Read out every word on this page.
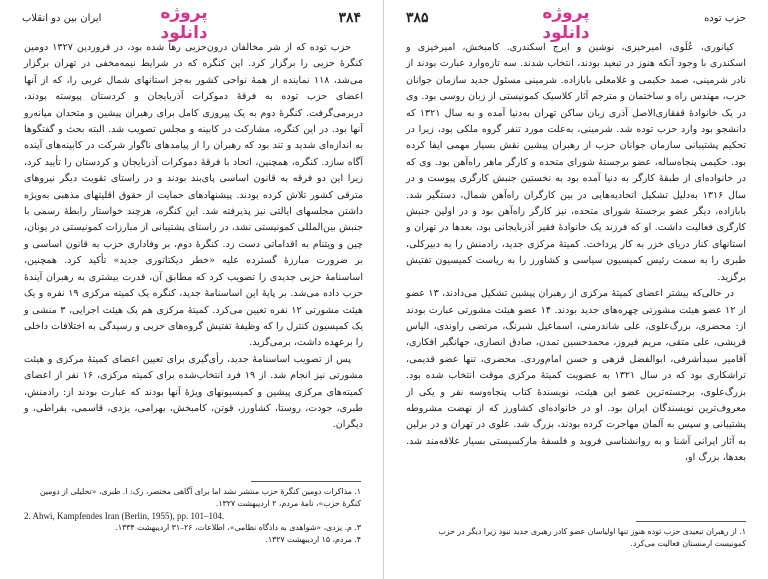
پروژه
دانلود
ایران بین دو انقلاب	۳۸۴

حزب توده که از شر مخالفان درون‌حزبی رها شده بود، در فروردین ۱۳۲۷ دومین کنگرهٔ حزبی را برگزار کرد. این کنگره که در شرایط نیمه‌مخفی در تهران برگزار می‌شد، ۱۱۸ نماینده از همهٔ نواحی کشور به‌جز استانهای شمال غربی را، که از آنها اعضای حزب توده به فرقهٔ دموکرات آذربایجان و کردستان پیوسته بودند، دربرمی‌گرفت. کنگرهٔ دوم به یک پیروزی کامل برای رهبران پیشین و متحدان میانه‌رو آنها بود. در این کنگره، مشارکت در کابینه و مجلس تصویب شد. البته بحث و گفتگوها به اندازه‌ای شدید و تند بود که رهبران را از پیامدهای ناگوار شرکت در کابینه‌های آینده آگاه سازد. کنگره، همچنین، اتحاد با فرقهٔ دموکرات آذربایجان و کردستان را تأیید کرد، زیرا این دو فرقه به قانون اساسی پای‌بند بودند و در راستای تقویت دیگر نیروهای مترقی کشور تلاش کرده بودند. پیشنهادهای حمایت از حقوق اقلیتهای مذهبی به‌ویژه داشتن مجلسهای ایالتی نیز پذیرفته شد. این کنگره، هرچند خواستار رابطهٔ رسمی با جنبش بین‌المللی کمونیستی نشد، در راستای پشتیبانی از مبارزات کمونیستی در یونان، چین و ویتنام به اقداماتی دست زد. کنگرهٔ دوم، بر وفاداری حزب به قانون اساسی و بر ضرورت مبارزهٔ گسترده علیه «خطر دیکتاتوری جدید» تأکید کرد. همچنین، اساسنامهٔ حزبی جدیدی را تصویب کرد که مطابق آن، قدرت بیشتری به رهبران آیندهٔ حزب داده می‌شد. بر پایهٔ این اساسنامهٔ جدید، کنگره یک کمیته مرکزی ۱۹ نفره و یک هیئت مشورتی ۱۲ نفره تعیین می‌کرد. کمیتهٔ مرکزی هم یک هیئت اجرایی، ۳ منشی و یک کمیسیون کنترل را که وظیفهٔ تفتیش گروه‌های حزبی و رسیدگی به اختلافات داخلی را برعهده داشت، برمی‌گزید.

پس از تصویب اساسنامهٔ جدید، رأی‌گیری برای تعیین اعضای کمیتهٔ مرکزی و هیئت مشورتی نیز انجام شد. از ۱۹ فرد انتخاب‌شده برای کمیته مرکزی، ۱۶ نفر از اعضای کمیته‌های مرکزی پیشین و کمیسیونهای ویژهٔ آنها بودند که عبارت بودند از: رادمنش، طبری، جودت، روستا، کشاورز، قوتن، کامبخش، بهرامی، یزدی، قاسمی، بقراطی، و دیگران.

۱. مذاکرات دومین کنگرهٔ حزب منتشر نشد اما برای آگاهی مختصر، رک: ا. طبری، «تحلیلی از دومین کنگرهٔ حزب»، نامهٔ مردم، ۲ اردیبهشت ۱۳۲۷.
2. Ahwi, Kampfendes Iran (Berlin, 1955), pp. 101–104.
۳. م. یزدی، «شواهدی به دادگاه نظامی»، اطلاعات، ۲۶–۳۱ اردیبهشت ۱۳۳۴.
۴. مردم، ۱۵ اردیبهشت ۱۳۲۷.
پروژه
دانلود
۳۸۵	حزب توده

کیانوری، عُلَوی، امیرخیزی، نوشین و ایرج اسکندری. کامبخش، امیرخیزی و اسکندری با وجود آنکه هنوز در تبعید بودند، انتخاب شدند. سه تازه‌وارد عبارت بودند از نادر شرمینی، صمد حکیمی و غلامعلی بابازاده. شرمینی مسئول جدید سازمان جوانان حزب، مهندس راه و ساختمان و مترجم آثار کلاسیک کمونیستی از زبان روسی بود. وی در یک خانوادهٔ قفقازی‌الاصل آذری زبان ساکن تهران به‌دنیا آمده و به سال ۱۳۲۱ که دانشجو بود وارد حزب توده شد. شرمینی، به‌علت مورد تنفر گروه ملکی بود، زیرا در تحکیم پشتیبانی سازمان جوانان حزب از رهبران پیشین نقش بسیار مهمی ایفا کرده بود. حکیمی پنجاه‌ساله، عضو برجستهٔ شورای متحده و کارگر ماهر راه‌آهن بود. وی که در خانواده‌ای از طبقهٔ کارگر به دنیا آمده بود به نخستین جنبش کارگری پیوست و در سال ۱۳۱۶ به‌دلیل تشکیل اتحادیه‌هایی در بین کارگران راه‌آهن شمال، دستگیر شد. بابازاده، دیگر عضو برجستهٔ شورای متحده، نیز کارگر راه‌آهن بود و در اولین جنبش کارگری فعالیت داشت. او که فرزند یک خانوادهٔ فقیر آذربایجانی بود، بعدها در تهران و استانهای کنار دریای خزر به کار پرداخت. کمیتهٔ مرکزی جدید، رادمنش را به دبیرکلی، طبری را به سمت رئیس کمیسیون سیاسی و کشاورز را به ریاست کمیسیون تفتیش برگزید.

در حالی‌که بیشتر اعضای کمیتهٔ مرکزی از رهبران پیشین تشکیل می‌دادند، ۱۳ عضو از ۱۲ عضو هیئت مشورتی چهره‌های جدید بودند. ۱۴ عضو هیئت مشورتی عبارت بودند از: محضری، بزرگ‌علوی، علی شاندرمنی، اسماعیل شبرنگ، مرتضی راوندی، الیاس قریشی، علی متقی، مریم فیروز، محمدحسین تمدن، صادق انصاری، جهانگیر افکاری، آقامیر سیدأشرفی، ابوالفضل قزهی و حسن امام‌وردی. محضری، تنها عضو قدیمی، تراشکاری بود که در سال ۱۳۲۱ به عضویت کمیتهٔ مرکزی موقت انتخاب شده بود. بزرگ‌علوی، برجسته‌ترین عضو این هیئت، نویسندهٔ کتاب پنجاه‌وسه نفر و یکی از معروف‌ترین نویسندگان ایران بود. او در خانواده‌ای کشاورز که از نهضت مشروطه پشتیبانی و سپس به آلمان مهاجرت کرده بودند، بزرگ شد. علوی در تهران و در برلین به آثار ایرانی آشنا و به روانشناسی فروید و فلسفهٔ مارکسیستی بسیار علاقه‌مند شد. بعدها، بزرگ او،

۱. از رهبران تبعیدی حزب توده هنوز تنها اولیاسان عضو کادر رهبری جدید نبود زیرا دیگر در حزب کمونیست ارمنستان فعالیت می‌کرد.
